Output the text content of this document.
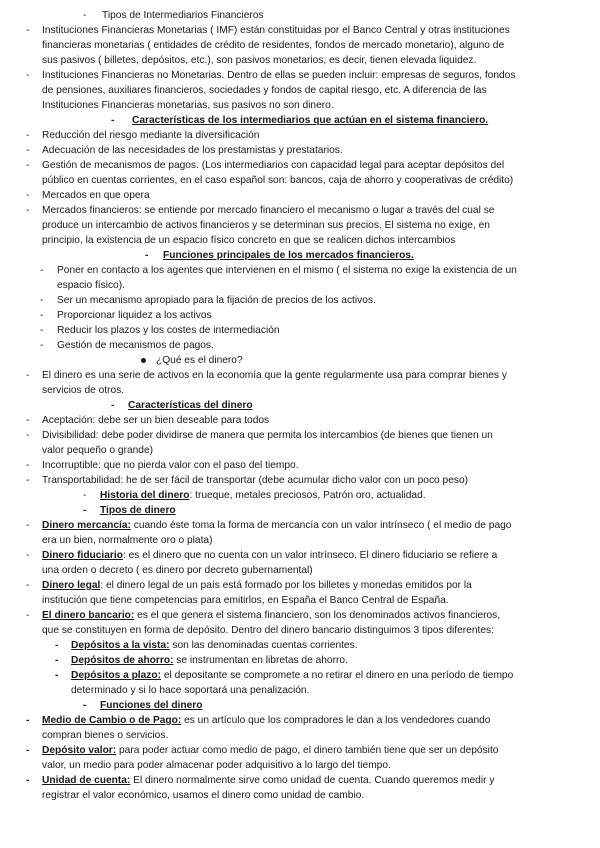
- Tipos de Intermediarios Financieros
- Instituciones Financieras Monetarias ( IMF) están constituidas por el Banco Central y otras instituciones
financieras monetarias ( entidades de crédito de residentes, fondos de mercado monetario), alguno de
sus pasivos ( billetes, depósitos, etc.), son pasivos monetarios, es decir, tienen elevada liquidez.
- Instituciones Financieras no Monetarias. Dentro de ellas se pueden incluir: empresas de seguros, fondos
de pensiones, auxiliares financieros, sociedades y fondos de capital riesgo, etc. A diferencia de las
Instituciones Financieras monetarias, sus pasivos no son dinero.
- Características de los intermediarios que actúan en el sistema financiero.
- Reducción del riesgo mediante la diversificación
- Adecuación de las necesidades de los prestamistas y prestatarios.
- Gestión de mecanismos de pagos. (Los intermediarios con capacidad legal para aceptar depósitos del
público en cuentas corrientes, en el caso español son: bancos, caja de ahorro y cooperativas de crédito)
- Mercados en que opera
- Mercados financieros: se entiende por mercado financiero el mecanismo o lugar a través del cual se
produce un intercambio de activos financieros y se determinan sus precios. El sistema no exige, en
principio, la existencia de un espacio físico concreto en que se realicen dichos intercambios
- Funciones principales de los mercados financieros.
- Poner en contacto a los agentes que intervienen en el mismo ( el sistema no exige la existencia de un
espacio físico).
- Ser un mecanismo apropiado para la fijación de precios de los activos.
- Proporcionar liquidez a los activos
- Reducir los plazos y los costes de intermediación
- Gestión de mecanismos de pagos.
¿Qué es el dinero?
- El dinero es una serie de activos en la economía que la gente regularmente usa para comprar bienes y
servicios de otros.
- Características del dinero
- Aceptación: debe ser un bien deseable para todos
- Divisibilidad: debe poder dividirse de manera que permita los intercambios (de bienes que tienen un
valor pequeño o grande)
- Incorruptible: que no pierda valor con el paso del tiempo.
- Transportabilidad: he de ser fácil de transportar (debe acumular dicho valor con un poco peso)
- Historia del dinero: trueque, metales preciosos, Patrón oro, actualidad.
- Tipos de dinero
- Dinero mercancía: cuando éste toma la forma de mercancía con un valor intrínseco ( el medio de pago
era un bien, normalmente oro o plata)
- Dinero fiduciario: es el dinero que no cuenta con un valor intrínseco. El dinero fiduciario se refiere a
una orden o decreto ( es dinero por decreto gubernamental)
- Dinero legal: el dinero legal de un país está formado por los billetes y monedas emitidos por la
institución que tiene competencias para emitirlos, en España el Banco Central de España.
- El dinero bancario: es el que genera el sistema financiero, son los denominados activos financieros,
que se constituyen en forma de depósito. Dentro del dinero bancario distinguimos 3 tipos diferentes:
- Depósitos a la vista: son las denominadas cuentas corrientes.
- Depósitos de ahorro: se instrumentan en libretas de ahorro.
- Depósitos a plazo: el depositante se compromete a no retirar el dinero en una período de tiempo
determinado y si lo hace soportará una penalización.
- Funciones del dinero
- Medio de Cambio o de Pago: es un artículo que los compradores le dan a los vendedores cuando
compran bienes o servicios.
- Depósito valor: para poder actuar como medio de pago, el dinero también tiene que ser un depósito
valor, un medio para poder almacenar poder adquisitivo a lo largo del tiempo.
- Unidad de cuenta: El dinero normalmente sirve como unidad de cuenta. Cuando queremos medir y
registrar el valor económico, usamos el dinero como unidad de cambio.
